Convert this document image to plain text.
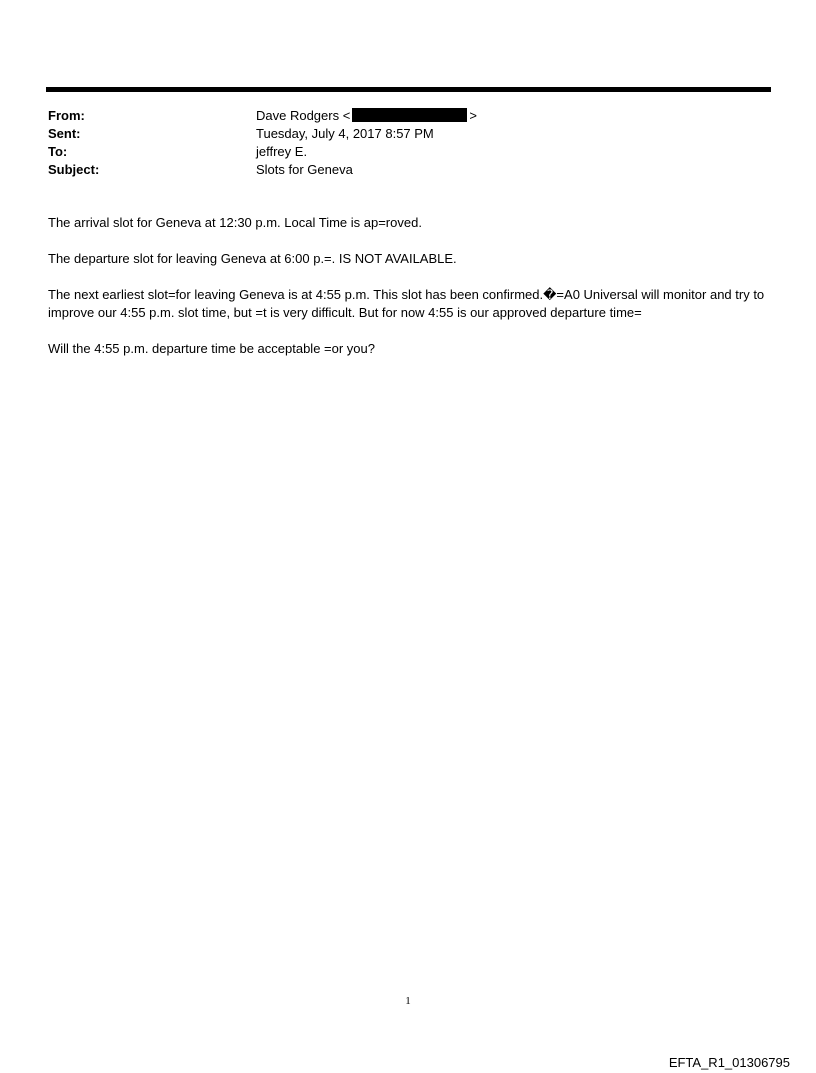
From:	Dave Rodgers <	>
Sent:	Tuesday, July 4, 2017 8:57 PM
To:	jeffrey E.
Subject:	Slots for Geneva

The arrival slot for Geneva at 12:30 p.m. Local Time is ap=roved.

The departure slot for leaving Geneva at 6:00 p.=. IS NOT AVAILABLE.

The next earliest slot=for leaving Geneva is at 4:55 p.m. This slot has been confirmed.�=A0 Universal will monitor and try to improve our 4:55 p.m. slot time, but =t is very difficult. But for now 4:55 is our approved departure time=

Will the 4:55 p.m. departure time be acceptable =or you?

1
EFTA_R1_01306795
